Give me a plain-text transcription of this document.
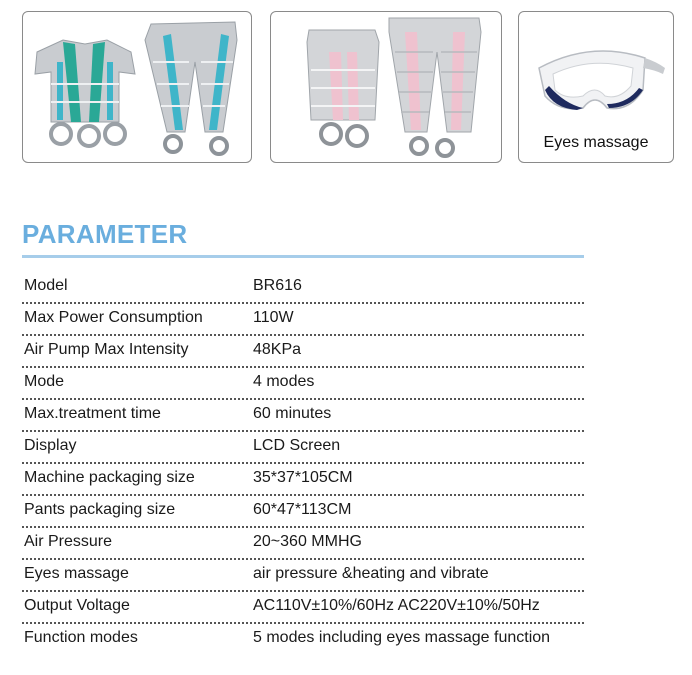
Eyes massage
PARAMETER
Model	BR616
Max Power Consumption	110W
Air Pump Max Intensity	48KPa
Mode	4 modes
Max.treatment time	60 minutes
Display	LCD Screen
Machine packaging size	35*37*105CM
Pants packaging size	60*47*113CM
Air Pressure	20~360 MMHG
Eyes massage	air pressure &heating and vibrate
Output Voltage	AC110V±10%/60Hz AC220V±10%/50Hz
Function modes	5 modes including eyes massage function
